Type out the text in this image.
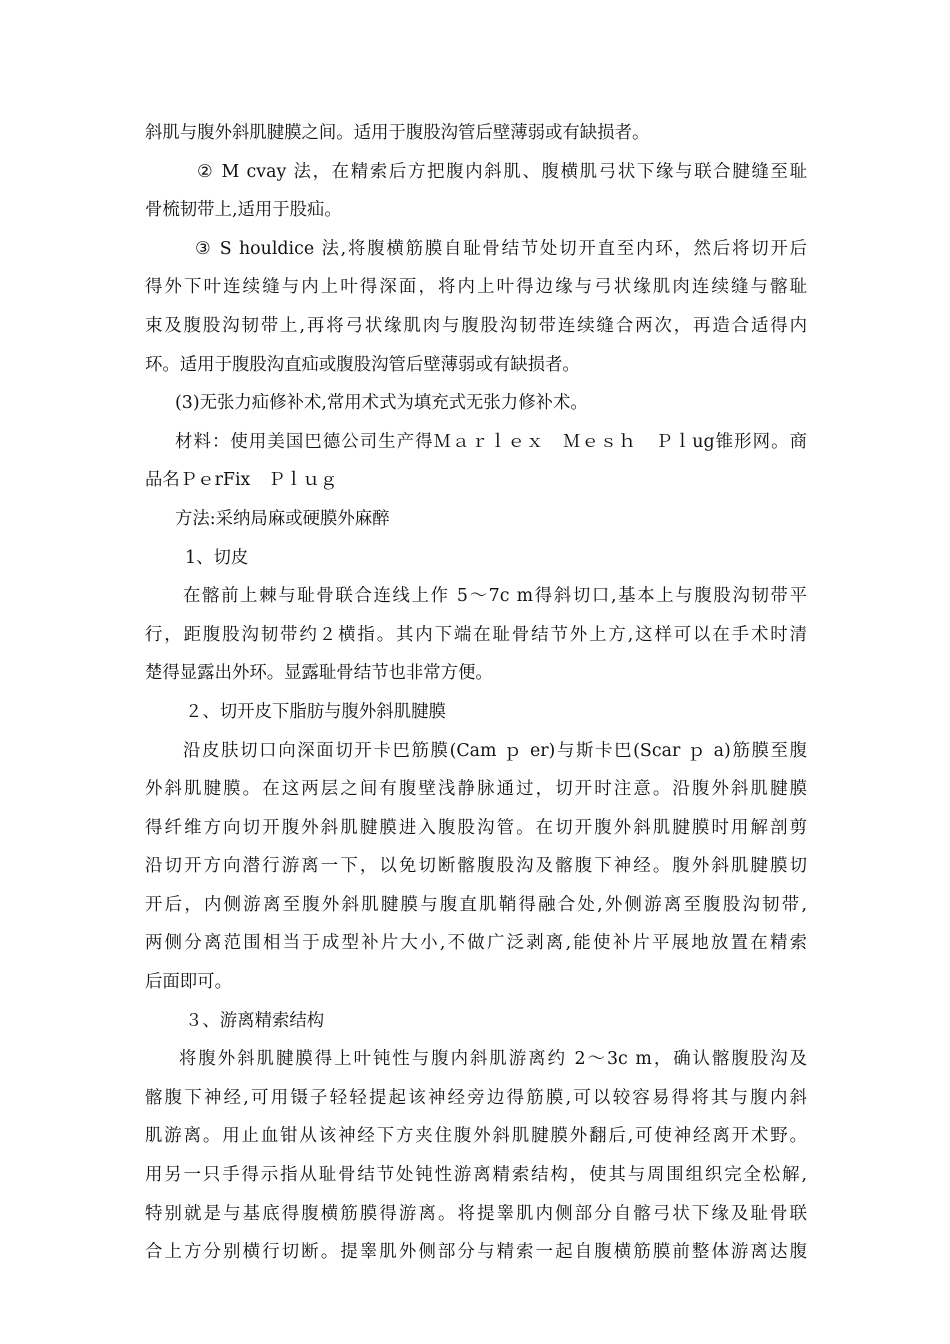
斜肌与腹外斜肌腱膜之间。适用于腹股沟管后壁薄弱或有缺损者。
② M cvay 法，在精索后方把腹内斜肌、腹横肌弓状下缘与联合腱缝至耻
骨梳韧带上,适用于股疝。
③ S houldice 法,将腹横筋膜自耻骨结节处切开直至内环，然后将切开后
得外下叶连续缝与内上叶得深面，将内上叶得边缘与弓状缘肌肉连续缝与髂耻
束及腹股沟韧带上,再将弓状缘肌肉与腹股沟韧带连续缝合两次，再造合适得内
环。适用于腹股沟直疝或腹股沟管后壁薄弱或有缺损者。
(3)无张力疝修补术,常用术式为填充式无张力修补术。
材料：使用美国巴德公司生产得Ｍａｒｌｅｘ　Ｍｅｓｈ　Ｐｌug锥形网。商
品名ＰｅrFix　Ｐｌｕｇ
方法:采纳局麻或硬膜外麻醉
1、切皮
在髂前上棘与耻骨联合连线上作 5～7c m得斜切口,基本上与腹股沟韧带平
行，距腹股沟韧带约２横指。其内下端在耻骨结节外上方,这样可以在手术时清
楚得显露出外环。显露耻骨结节也非常方便。
２、切开皮下脂肪与腹外斜肌腱膜
沿皮肤切口向深面切开卡巴筋膜(Cam ｐ er)与斯卡巴(Scar ｐ a)筋膜至腹
外斜肌腱膜。在这两层之间有腹壁浅静脉通过，切开时注意。沿腹外斜肌腱膜
得纤维方向切开腹外斜肌腱膜进入腹股沟管。在切开腹外斜肌腱膜时用解剖剪
沿切开方向潜行游离一下，以免切断髂腹股沟及髂腹下神经。腹外斜肌腱膜切
开后，内侧游离至腹外斜肌腱膜与腹直肌鞘得融合处,外侧游离至腹股沟韧带,
两侧分离范围相当于成型补片大小,不做广泛剥离,能使补片平展地放置在精索
后面即可。
３、游离精索结构
将腹外斜肌腱膜得上叶钝性与腹内斜肌游离约 2～3c m，确认髂腹股沟及
髂腹下神经,可用镊子轻轻提起该神经旁边得筋膜,可以较容易得将其与腹内斜
肌游离。用止血钳从该神经下方夹住腹外斜肌腱膜外翻后,可使神经离开术野。
用另一只手得示指从耻骨结节处钝性游离精索结构，使其与周围组织完全松解,
特别就是与基底得腹横筋膜得游离。将提睾肌内侧部分自髂弓状下缘及耻骨联
合上方分别横行切断。提睾肌外侧部分与精索一起自腹横筋膜前整体游离达腹
